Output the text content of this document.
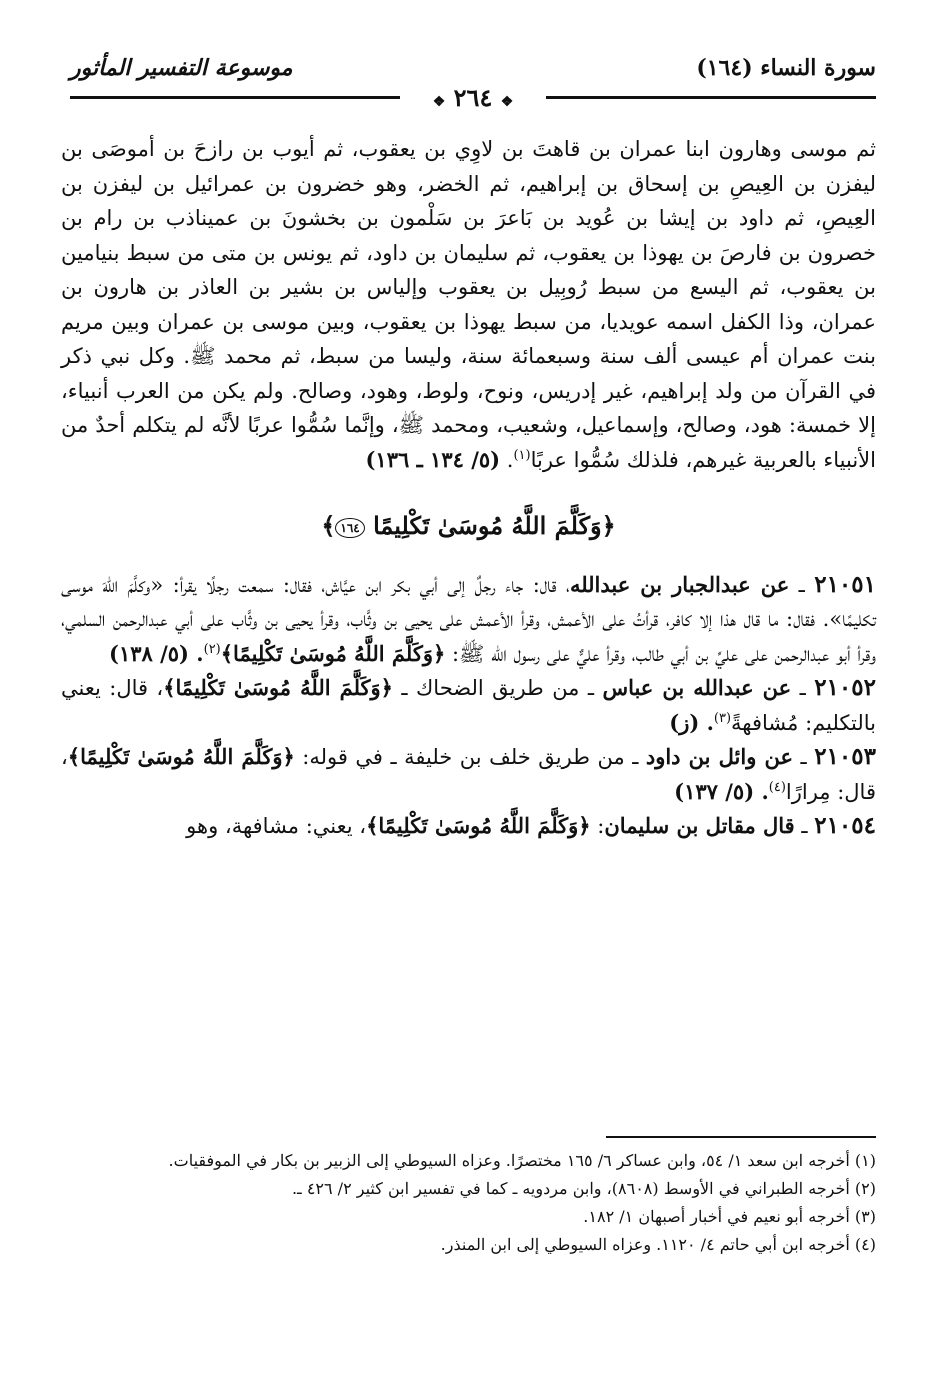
سورة النساء (١٦٤)
موسوعة التفسير المأثور
❖ ٢٦٤ ❖

ثم موسى وهارون ابنا عمران بن قاهتَ بن لاوِي بن يعقوب، ثم أيوب بن رازحَ بن أموصَى بن ليفزن بن العِيصِ بن إسحاق بن إبراهيم، ثم الخضر، وهو خضرون بن عمرائيل بن ليفزن بن العِيصِ، ثم داود بن إيشا بن عُويد بن بَاعرَ بن سَلْمون بن بخشونَ بن عميناذب بن رام بن خصرون بن فارصَ بن يهوذا بن يعقوب، ثم سليمان بن داود، ثم يونس بن متى من سبط بنيامين بن يعقوب، ثم اليسع من سبط رُوبِيل بن يعقوب وإلياس بن بشير بن العاذر بن هارون بن عمران، وذا الكفل اسمه عويديا، من سبط يهوذا بن يعقوب، وبين موسى بن عمران وبين مريم بنت عمران أم عيسى ألف سنة وسبعمائة سنة، وليسا من سبط، ثم محمد ﷺ. وكل نبي ذكر في القرآن من ولد إبراهيم، غير إدريس، ونوح، ولوط، وهود، وصالح. ولم يكن من العرب أنبياء، إلا خمسة: هود، وصالح، وإسماعيل، وشعيب، ومحمد ﷺ، وإنَّما سُمُّوا عربًا لأنَّه لم يتكلم أحدٌ من الأنبياء بالعربية غيرهم، فلذلك سُمُّوا عربًا$^{(١)}$. (٥/ ١٣٤ ـ ١٣٦)

﴿وَكَلَّمَ اللَّهُ مُوسَىٰ تَكْلِيمًا ١٦٤﴾

٢١٠٥١ ـ عن عبدالجبار بن عبدالله، قال: جاء رجلٌ إلى أبي بكر ابن عيَّاش، فقال: سمعت رجلًا يقرأ: «وكلَّمَ اللهَ موسى تكليمًا». فقال: ما قال هذا إلا كافر، قرأتُ على الأعمش، وقرأ الأعمش على يحيى بن وثَّاب، وقرأ يحيى بن وثَّاب على أبي عبدالرحمن السلمي، وقرأ أبو عبدالرحمن على عليِّ بن أبي طالب، وقرأ عليٌّ على رسول الله ﷺ: ﴿وَكَلَّمَ اللَّهُ مُوسَىٰ تَكْلِيمًا﴾$^{(٢)}$. (٥/ ١٣٨)

٢١٠٥٢ ـ عن عبدالله بن عباس ـ من طريق الضحاك ـ ﴿وَكَلَّمَ اللَّهُ مُوسَىٰ تَكْلِيمًا﴾، قال: يعني بالتكليم: مُشافهةً$^{(٣)}$. (ز)

٢١٠٥٣ ـ عن وائل بن داود ـ من طريق خلف بن خليفة ـ في قوله: ﴿وَكَلَّمَ اللَّهُ مُوسَىٰ تَكْلِيمًا﴾، قال: مِرارًا$^{(٤)}$. (٥/ ١٣٧)

٢١٠٥٤ ـ قال مقاتل بن سليمان: ﴿وَكَلَّمَ اللَّهُ مُوسَىٰ تَكْلِيمًا﴾، يعني: مشافهة، وهو

(١) أخرجه ابن سعد ١/ ٥٤، وابن عساكر ٦/ ١٦٥ مختصرًا. وعزاه السيوطي إلى الزبير بن بكار في الموفقيات.

(٢) أخرجه الطبراني في الأوسط (٨٦٠٨)، وابن مردويه ـ كما في تفسير ابن كثير ٢/ ٤٢٦ ـ.

(٣) أخرجه أبو نعيم في أخبار أصبهان ١/ ١٨٢.

(٤) أخرجه ابن أبي حاتم ٤/ ١١٢٠. وعزاه السيوطي إلى ابن المنذر.
